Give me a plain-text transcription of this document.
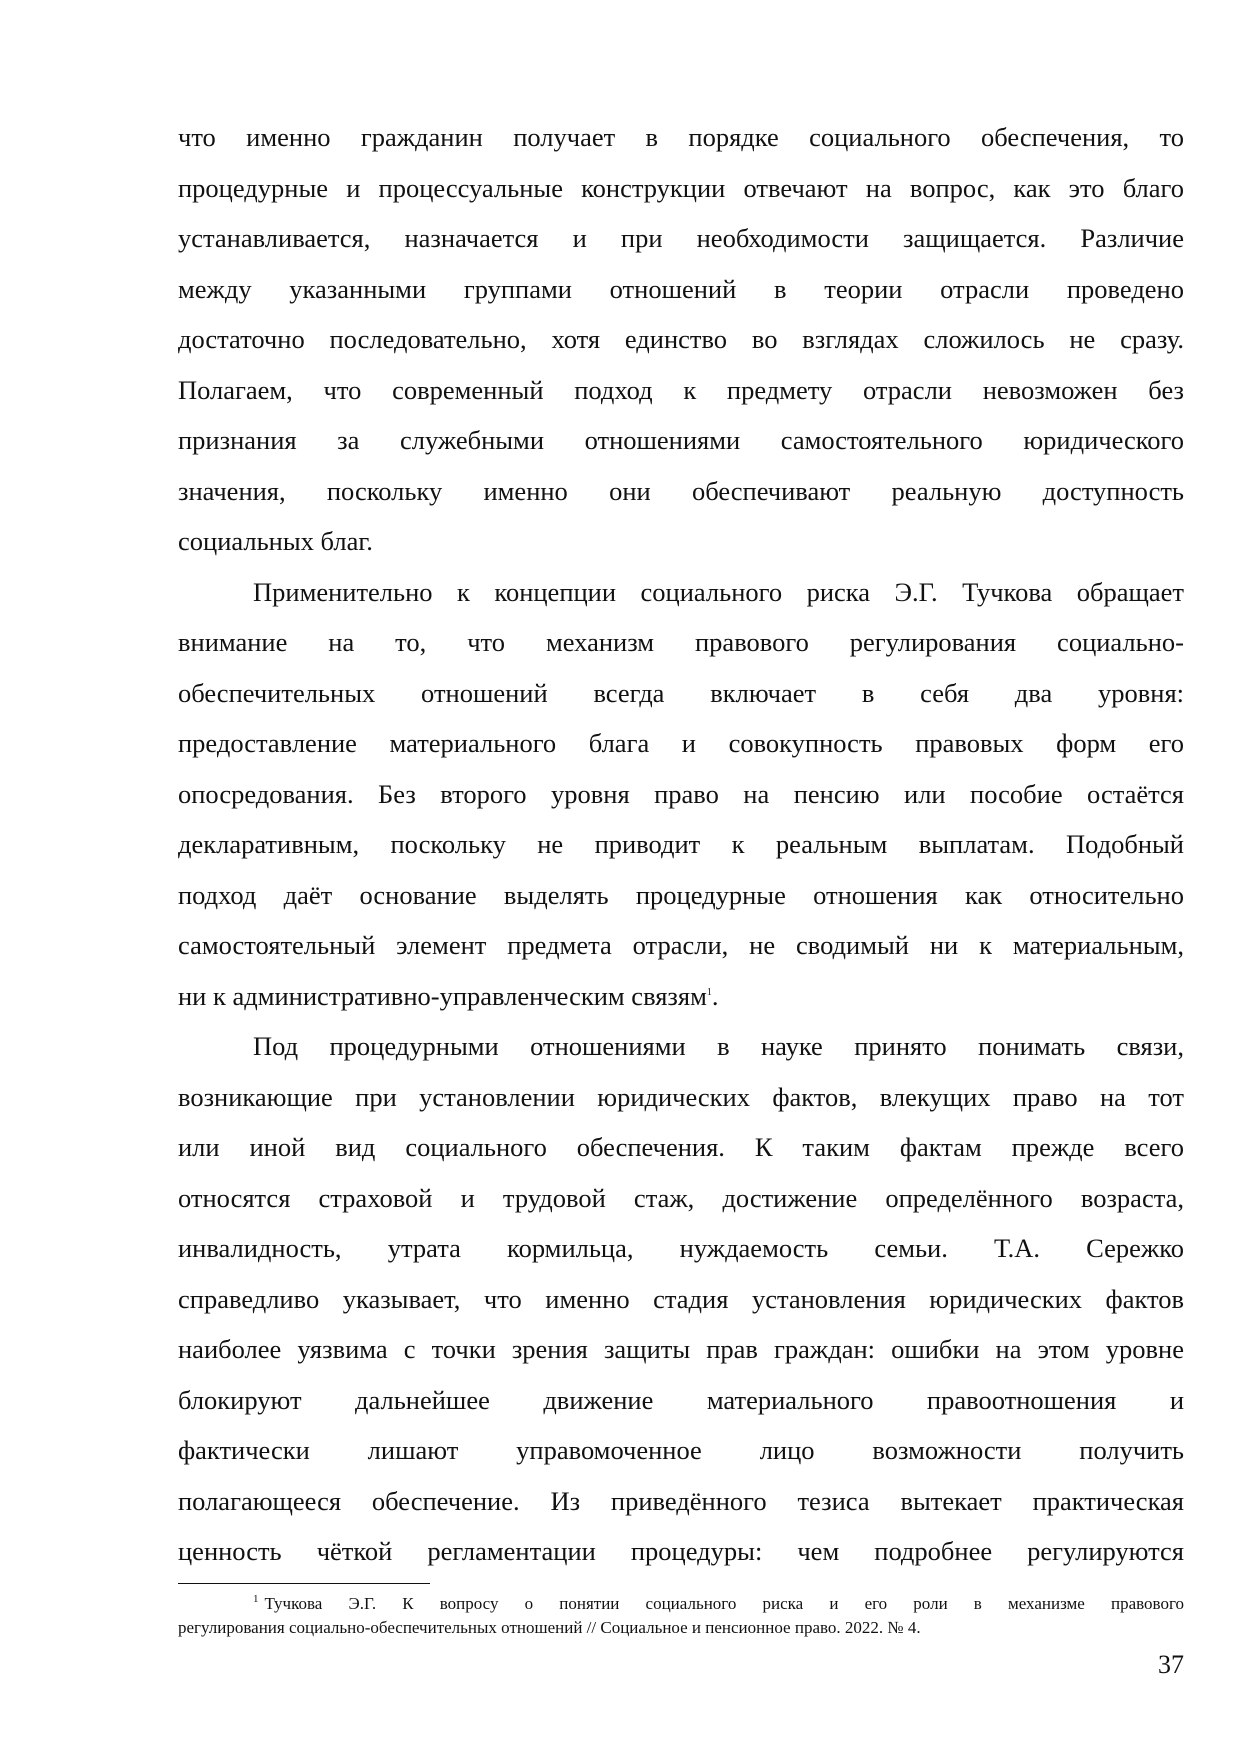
что именно гражданин получает в порядке социального обеспечения, то
процедурные и процессуальные конструкции отвечают на вопрос, как это благо
устанавливается, назначается и при необходимости защищается. Различие
между указанными группами отношений в теории отрасли проведено
достаточно последовательно, хотя единство во взглядах сложилось не сразу.
Полагаем, что современный подход к предмету отрасли невозможен без
признания за служебными отношениями самостоятельного юридического
значения, поскольку именно они обеспечивают реальную доступность
социальных благ.
Применительно к концепции социального риска Э.Г. Тучкова обращает
внимание на то, что механизм правового регулирования социально-
обеспечительных отношений всегда включает в себя два уровня:
предоставление материального блага и совокупность правовых форм его
опосредования. Без второго уровня право на пенсию или пособие остаётся
декларативным, поскольку не приводит к реальным выплатам. Подобный
подход даёт основание выделять процедурные отношения как относительно
самостоятельный элемент предмета отрасли, не сводимый ни к материальным,
ни к административно-управленческим связям$^1$.
Под процедурными отношениями в науке принято понимать связи,
возникающие при установлении юридических фактов, влекущих право на тот
или иной вид социального обеспечения. К таким фактам прежде всего
относятся страховой и трудовой стаж, достижение определённого возраста,
инвалидность, утрата кормильца, нуждаемость семьи. Т.А. Сережко
справедливо указывает, что именно стадия установления юридических фактов
наиболее уязвима с точки зрения защиты прав граждан: ошибки на этом уровне
блокируют дальнейшее движение материального правоотношения и
фактически лишают управомоченное лицо возможности получить
полагающееся обеспечение. Из приведённого тезиса вытекает практическая
ценность чёткой регламентации процедуры: чем подробнее регулируются
$^1$ Тучкова Э.Г. К вопросу о понятии социального риска и его роли в механизме правового
регулирования социально-обеспечительных отношений // Социальное и пенсионное право. 2022. № 4.
37
